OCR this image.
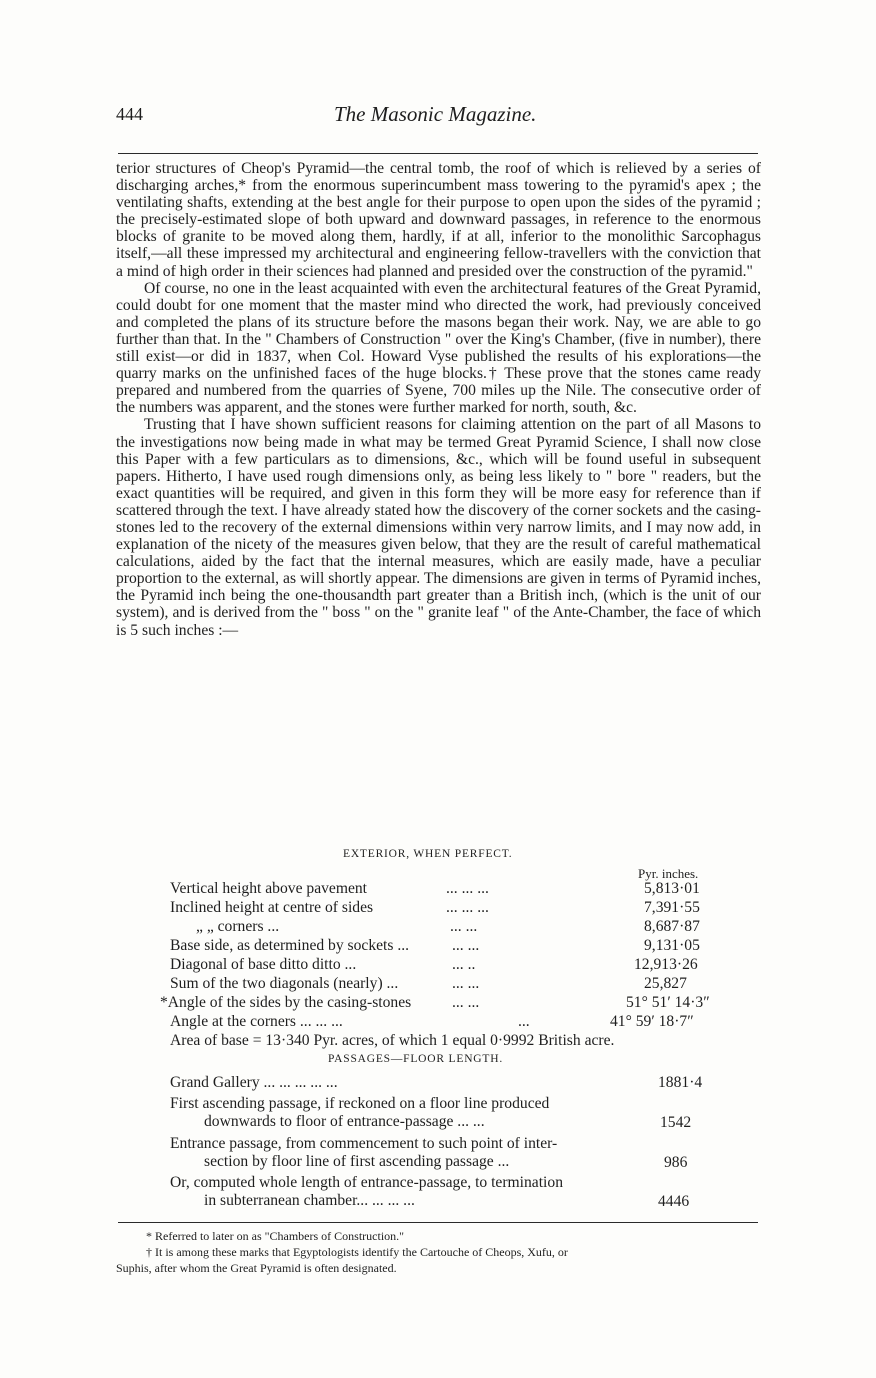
444	The Masonic Magazine.

terior structures of Cheop's Pyramid—the central tomb, the roof of which is relieved by a series of discharging arches,* from the enormous superincumbent mass towering to the pyramid's apex ; the ventilating shafts, extending at the best angle for their purpose to open upon the sides of the pyramid ; the precisely-estimated slope of both upward and downward passages, in reference to the enormous blocks of granite to be moved along them, hardly, if at all, inferior to the monolithic Sarcophagus itself,—all these impressed my architectural and engineering fellow-travellers with the conviction that a mind of high order in their sciences had planned and presided over the construction of the pyramid."

Of course, no one in the least acquainted with even the architectural features of the Great Pyramid, could doubt for one moment that the master mind who directed the work, had previously conceived and completed the plans of its structure before the masons began their work. Nay, we are able to go further than that. In the " Chambers of Construction " over the King's Chamber, (five in number), there still exist—or did in 1837, when Col. Howard Vyse published the results of his explorations—the quarry marks on the unfinished faces of the huge blocks.† These prove that the stones came ready prepared and numbered from the quarries of Syene, 700 miles up the Nile. The consecutive order of the numbers was apparent, and the stones were further marked for north, south, &c.

Trusting that I have shown sufficient reasons for claiming attention on the part of all Masons to the investigations now being made in what may be termed Great Pyramid Science, I shall now close this Paper with a few particulars as to dimensions, &c., which will be found useful in subsequent papers. Hitherto, I have used rough dimensions only, as being less likely to " bore " readers, but the exact quantities will be required, and given in this form they will be more easy for reference than if scattered through the text. I have already stated how the discovery of the corner sockets and the casing-stones led to the recovery of the external dimensions within very narrow limits, and I may now add, in explanation of the nicety of the measures given below, that they are the result of careful mathematical calculations, aided by the fact that the internal measures, which are easily made, have a peculiar proportion to the external, as will shortly appear. The dimensions are given in terms of Pyramid inches, the Pyramid inch being the one-thousandth part greater than a British inch, (which is the unit of our system), and is derived from the " boss " on the " granite leaf " of the Ante-Chamber, the face of which is 5 such inches :—

EXTERIOR, WHEN PERFECT.
Pyr. inches.
Vertical height above pavement	... ... ...	5,813·01
Inclined height at centre of sides	... ... ...	7,391·55
„ „ corners ...	... ...	8,687·87
Base side, as determined by sockets ...	... ...	9,131·05
Diagonal of base ditto ditto ...	... ..	12,913·26
Sum of the two diagonals (nearly) ...	... ...	25,827
*Angle of the sides by the casing-stones	... ...	51° 51′ 14·3″
Angle at the corners ... ... ...	...	41° 59′ 18·7″
Area of base = 13·340 Pyr. acres, of which 1 equal 0·9992 British acre.
PASSAGES—FLOOR LENGTH.
Grand Gallery ... ... ... ... ...	1881·4
First ascending passage, if reckoned on a floor line produced
downwards to floor of entrance-passage ... ...	1542
Entrance passage, from commencement to such point of inter-
section by floor line of first ascending passage ...	986
Or, computed whole length of entrance-passage, to termination
in subterranean chamber... ... ... ...	4446
* Referred to later on as "Chambers of Construction."
† It is among these marks that Egyptologists identify the Cartouche of Cheops, Xufu, or
Suphis, after whom the Great Pyramid is often designated.
